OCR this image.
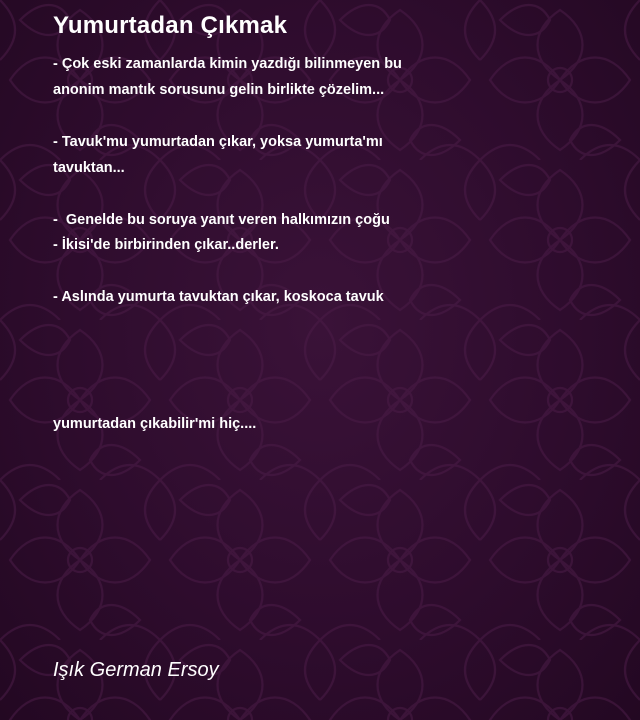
Yumurtadan Çıkmak
- Çok eski zamanlarda kimin yazdığı bilinmeyen bu
anonim mantık sorusunu gelin birlikte çözelim...
- Tavuk'mu yumurtadan çıkar, yoksa yumurta'mı
tavuktan...
-  Genelde bu soruya yanıt veren halkımızın çoğu
- İkisi'de birbirinden çıkar..derler.
- Aslında yumurta tavuktan çıkar, koskoca tavuk
yumurtadan çıkabilir'mi hiç....
Işık German Ersoy
